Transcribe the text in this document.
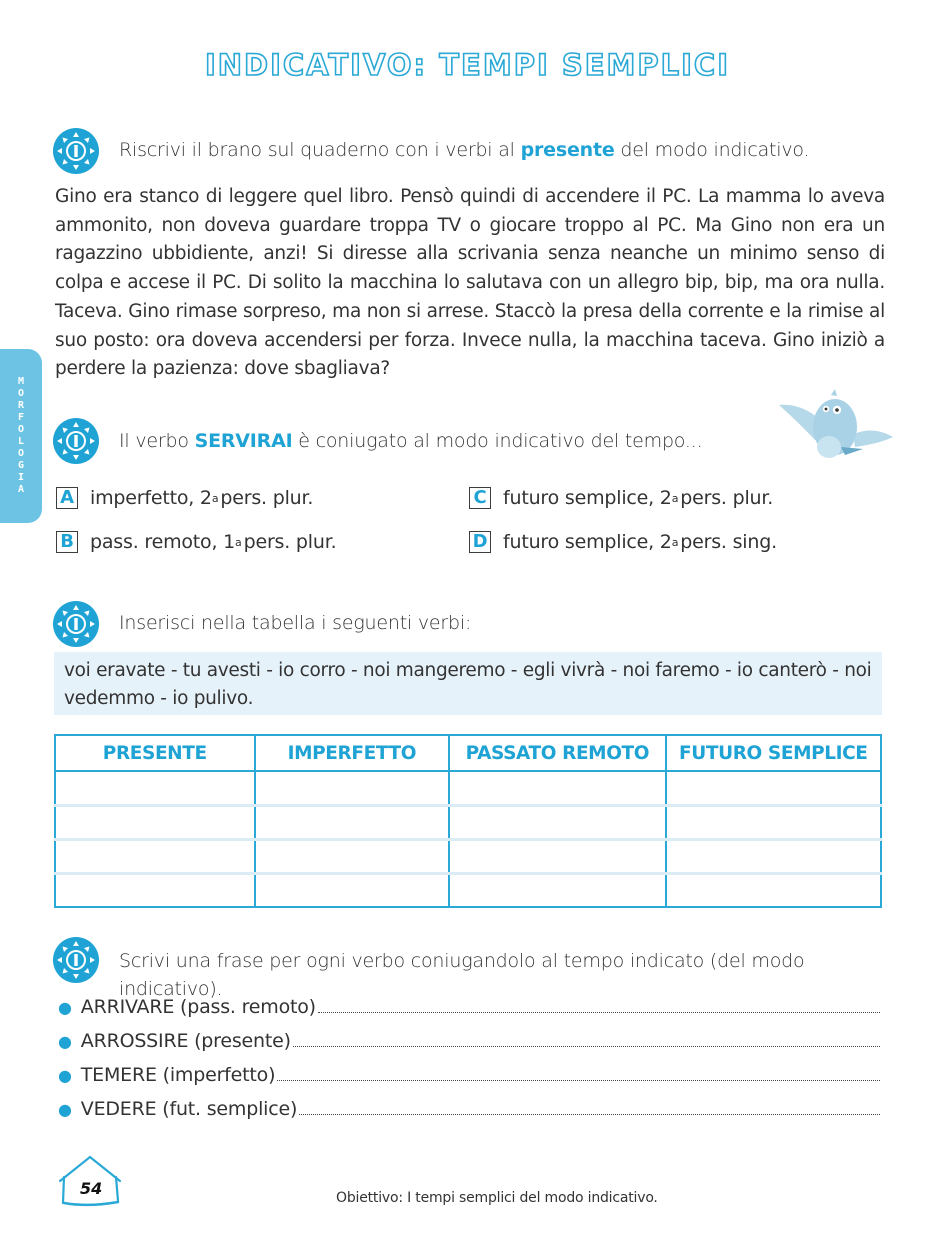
INDICATIVO: TEMPI SEMPLICI
M
O
R
F
O
L
O
G
I
A
Riscrivi il brano sul quaderno con i verbi al presente del modo indicativo.

Gino era stanco di leggere quel libro. Pensò quindi di accendere il PC. La mamma lo aveva ammonito, non doveva guardare troppa TV o giocare troppo al PC. Ma Gino non era un ragazzino ubbidiente, anzi! Si diresse alla scrivania senza neanche un minimo senso di colpa e accese il PC. Di solito la macchina lo salutava con un allegro bip, bip, ma ora nulla. Taceva. Gino rimase sorpreso, ma non si arrese. Staccò la presa della corrente e la rimise al suo posto: ora doveva accendersi per forza. Invece nulla, la macchina taceva. Gino iniziò a perdere la pazienza: dove sbagliava?

Il verbo SERVIRAI è coniugato al modo indicativo del tempo...
A imperfetto, 2 a pers. plur.
B pass. remoto, 1 a pers. plur.
C futuro semplice, 2 a pers. plur.
D futuro semplice, 2 a pers. sing.
Inserisci nella tabella i seguenti verbi:
voi eravate - tu avesti - io corro - noi mangeremo - egli vivrà - noi faremo - io canterò - noi vedemmo - io pulivo.
PRESENTE	IMPERFETTO	PASSATO REMOTO	FUTURO SEMPLICE

Scrivi una frase per ogni verbo coniugandolo al tempo indicato (del modo indicativo).
● ARRIVARE (pass. remoto)
● ARROSSIRE (presente)
● TEMERE (imperfetto)
● VEDERE (fut. semplice)
54	Obiettivo: I tempi semplici del modo indicativo.
